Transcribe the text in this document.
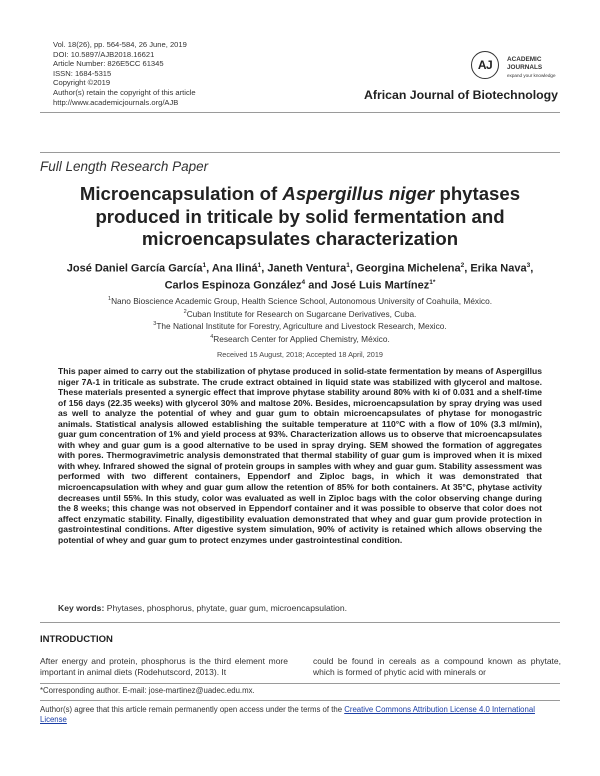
Vol. 18(26), pp. 564-584, 26 June, 2019
DOI: 10.5897/AJB2018.16621
Article Number: 826E5CC 61345
ISSN: 1684-5315
Copyright ©2019
Author(s) retain the copyright of this article
http://www.academicjournals.org/AJB
AJ	ACADEMIC
JOURNALS
expand your knowledge
African Journal of Biotechnology
Full Length Research Paper
Microencapsulation of Aspergillus niger phytases produced in triticale by solid fermentation and microencapsulates characterization
José Daniel García García$^1$, Ana Iliná$^1$, Janeth Ventura$^1$, Georgina Michelena$^2$, Erika Nava$^3$,
Carlos Espinoza González$^4$ and José Luis Martínez$^{1*}$
$^1$Nano Bioscience Academic Group, Health Science School, Autonomous University of Coahuila, México.
$^2$Cuban Institute for Research on Sugarcane Derivatives, Cuba.
$^3$The National Institute for Forestry, Agriculture and Livestock Research, Mexico.
$^4$Research Center for Applied Chemistry, México.
Received 15 August, 2018; Accepted 18 April, 2019
This paper aimed to carry out the stabilization of phytase produced in solid-state fermentation by means of Aspergillus niger 7A-1 in triticale as substrate. The crude extract obtained in liquid state was stabilized with glycerol and maltose. These materials presented a synergic effect that improve phytase stability around 80% with ki of 0.031 and a shelf-time of 156 days (22.35 weeks) with glycerol 30% and maltose 20%. Besides, microencapsulation by spray drying was used as well to analyze the potential of whey and guar gum to obtain microencapsulates of phytase for monogastric animals. Statistical analysis allowed establishing the suitable temperature at 110°C with a flow of 10% (3.3 ml/min), guar gum concentration of 1% and yield process at 93%. Characterization allows us to observe that microencapsulates with whey and guar gum is a good alternative to be used in spray drying. SEM showed the formation of aggregates with pores. Thermogravimetric analysis demonstrated that thermal stability of guar gum is improved when it is mixed with whey. Infrared showed the signal of protein groups in samples with whey and guar gum. Stability assessment was performed with two different containers, Eppendorf and Ziploc bags, in which it was demonstrated that microencapsulation with whey and guar gum allow the retention of 85% for both containers. At 35°C, phytase activity decreases until 55%. In this study, color was evaluated as well in Ziploc bags with the color observing change during the 8 weeks; this change was not observed in Eppendorf container and it was possible to observe that color does not affect enzymatic stability. Finally, digestibility evaluation demonstrated that whey and guar gum provide protection in gastrointestinal conditions. After digestive system simulation, 90% of activity is retained which allows observing the potential of whey and guar gum to protect enzymes under gastrointestinal condition.
Key words: Phytases, phosphorus, phytate, guar gum, microencapsulation.
INTRODUCTION
After energy and protein, phosphorus is the third element more important in animal diets (Rodehutscord, 2013). It
could be found in cereals as a compound known as phytate, which is formed of phytic acid with minerals or
*Corresponding author. E-mail: jose-martinez@uadec.edu.mx.
Author(s) agree that this article remain permanently open access under the terms of the Creative Commons Attribution License 4.0 International License
